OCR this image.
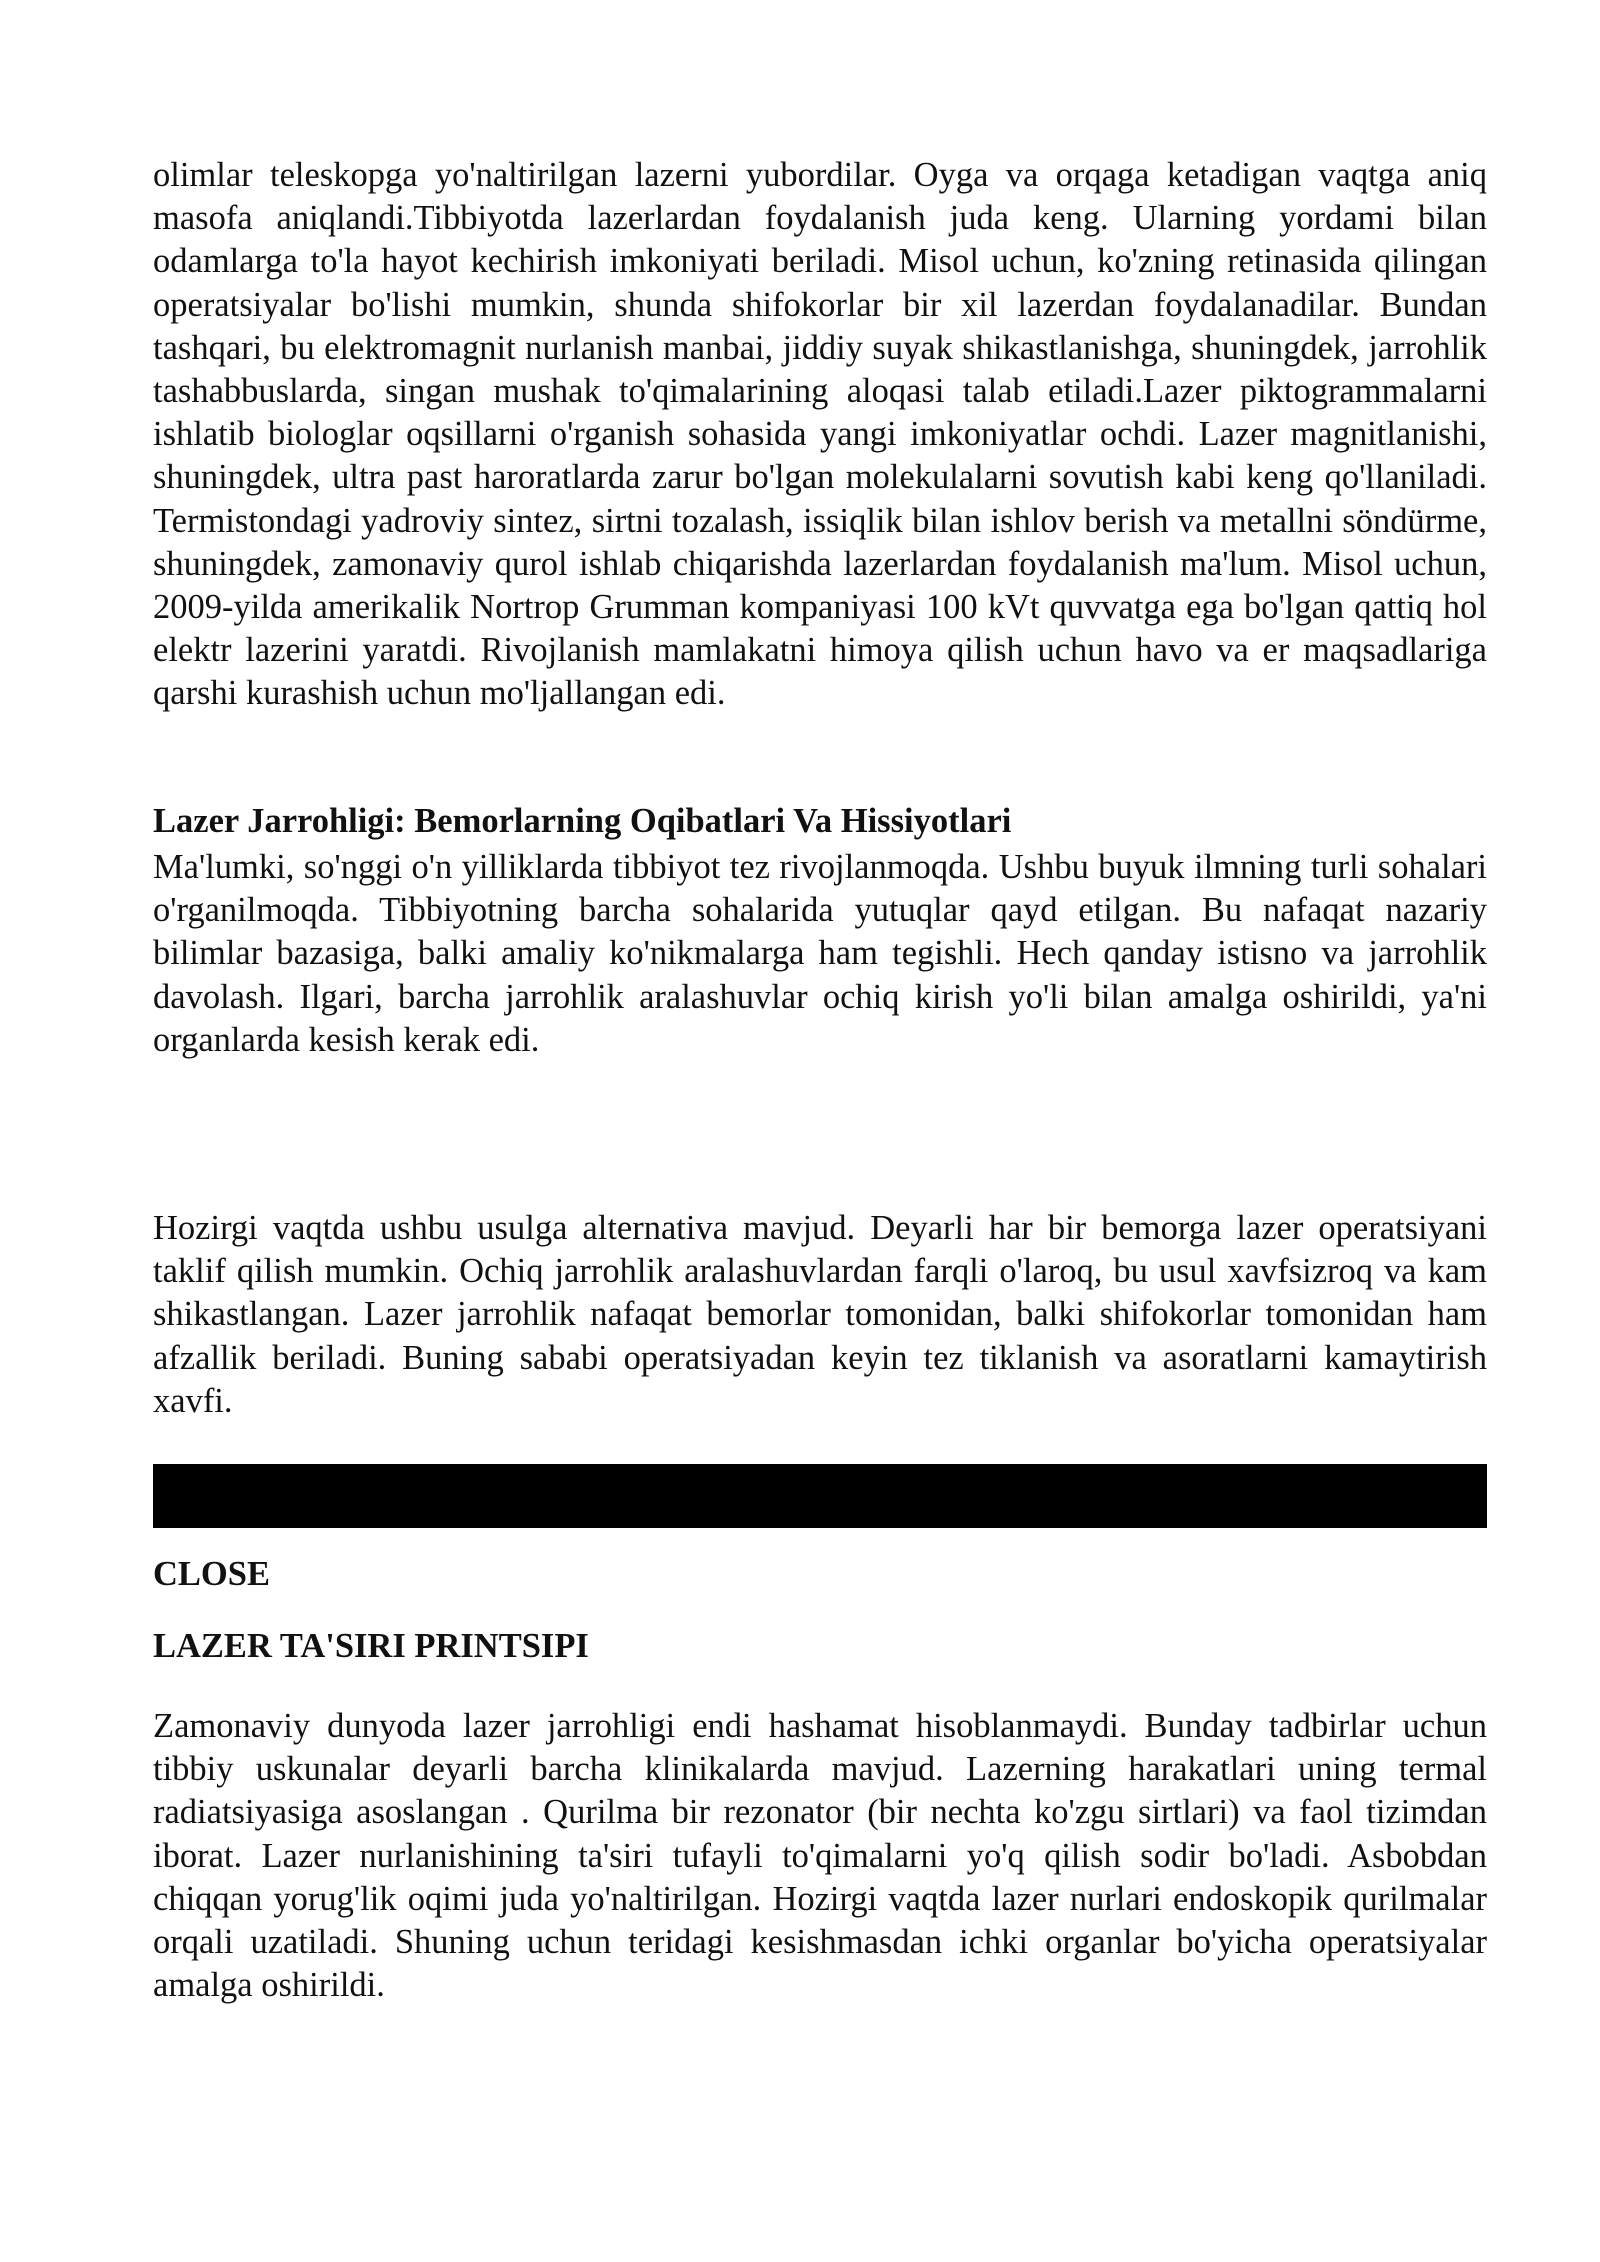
olimlar teleskopga yo'naltirilgan lazerni yubordilar. Oyga va orqaga ketadigan vaqtga aniq masofa aniqlandi.Tibbiyotda lazerlardan foydalanish juda keng. Ularning yordami bilan odamlarga to'la hayot kechirish imkoniyati beriladi. Misol uchun, ko'zning retinasida qilingan operatsiyalar bo'lishi mumkin, shunda shifokorlar bir xil lazerdan foydalanadilar. Bundan tashqari, bu elektromagnit nurlanish manbai, jiddiy suyak shikastlanishga, shuningdek, jarrohlik tashabbuslarda, singan mushak to'qimalarining aloqasi talab etiladi.Lazer piktogrammalarni ishlatib biologlar oqsillarni o'rganish sohasida yangi imkoniyatlar ochdi. Lazer magnitlanishi, shuningdek, ultra past haroratlarda zarur bo'lgan molekulalarni sovutish kabi keng qo'llaniladi. Termistondagi yadroviy sintez, sirtni tozalash, issiqlik bilan ishlov berish va metallni söndürme, shuningdek, zamonaviy qurol ishlab chiqarishda lazerlardan foydalanish ma'lum. Misol uchun, 2009-yilda amerikalik Nortrop Grumman kompaniyasi 100 kVt quvvatga ega bo'lgan qattiq hol elektr lazerini yaratdi. Rivojlanish mamlakatni himoya qilish uchun havo va er maqsadlariga qarshi kurashish uchun mo'ljallangan edi.

Lazer Jarrohligi: Bemorlarning Oqibatlari Va Hissiyotlari

Ma'lumki, so'nggi o'n yilliklarda tibbiyot tez rivojlanmoqda. Ushbu buyuk ilmning turli sohalari o'rganilmoqda. Tibbiyotning barcha sohalarida yutuqlar qayd etilgan. Bu nafaqat nazariy bilimlar bazasiga, balki amaliy ko'nikmalarga ham tegishli. Hech qanday istisno va jarrohlik davolash. Ilgari, barcha jarrohlik aralashuvlar ochiq kirish yo'li bilan amalga oshirildi, ya'ni organlarda kesish kerak edi.

Hozirgi vaqtda ushbu usulga alternativa mavjud. Deyarli har bir bemorga lazer operatsiyani taklif qilish mumkin. Ochiq jarrohlik aralashuvlardan farqli o'laroq, bu usul xavfsizroq va kam shikastlangan. Lazer jarrohlik nafaqat bemorlar tomonidan, balki shifokorlar tomonidan ham afzallik beriladi. Buning sababi operatsiyadan keyin tez tiklanish va asoratlarni kamaytirish xavfi.

CLOSE

LAZER TA'SIRI PRINTSIPI

Zamonaviy dunyoda lazer jarrohligi endi hashamat hisoblanmaydi. Bunday tadbirlar uchun tibbiy uskunalar deyarli barcha klinikalarda mavjud. Lazerning harakatlari uning termal radiatsiyasiga asoslangan . Qurilma bir rezonator (bir nechta ko'zgu sirtlari) va faol tizimdan iborat. Lazer nurlanishining ta'siri tufayli to'qimalarni yo'q qilish sodir bo'ladi. Asbobdan chiqqan yorug'lik oqimi juda yo'naltirilgan. Hozirgi vaqtda lazer nurlari endoskopik qurilmalar orqali uzatiladi. Shuning uchun teridagi kesishmasdan ichki organlar bo'yicha operatsiyalar amalga oshirildi.
